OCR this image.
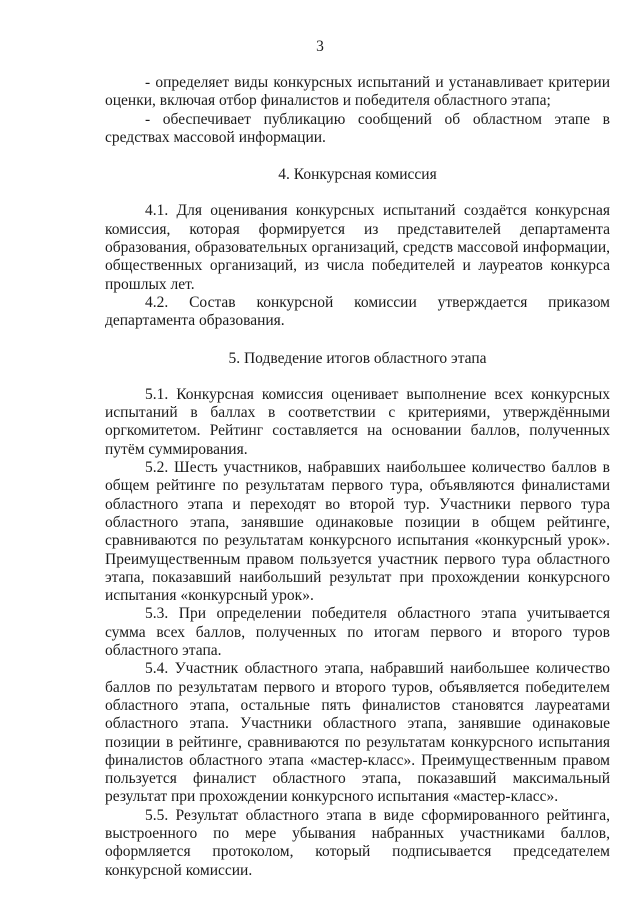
3

- определяет виды конкурсных испытаний и устанавливает критерии оценки, включая отбор финалистов и победителя областного этапа;

- обеспечивает публикацию сообщений об областном этапе в средствах массовой информации.

4. Конкурсная комиссия

4.1. Для оценивания конкурсных испытаний создаётся конкурсная комиссия, которая формируется из представителей департамента образования, образовательных организаций, средств массовой информации, общественных организаций, из числа победителей и лауреатов конкурса прошлых лет.

4.2. Состав конкурсной комиссии утверждается приказом департамента образования.

5. Подведение итогов областного этапа

5.1. Конкурсная комиссия оценивает выполнение всех конкурсных испытаний в баллах в соответствии с критериями, утверждёнными оргкомитетом. Рейтинг составляется на основании баллов, полученных путём суммирования.

5.2. Шесть участников, набравших наибольшее количество баллов в общем рейтинге по результатам первого тура, объявляются финалистами областного этапа и переходят во второй тур. Участники первого тура областного этапа, занявшие одинаковые позиции в общем рейтинге, сравниваются по результатам конкурсного испытания «конкурсный урок». Преимущественным правом пользуется участник первого тура областного этапа, показавший наибольший результат при прохождении конкурсного испытания «конкурсный урок».

5.3. При определении победителя областного этапа учитывается сумма всех баллов, полученных по итогам первого и второго туров областного этапа.

5.4. Участник областного этапа, набравший наибольшее количество баллов по результатам первого и второго туров, объявляется победителем областного этапа, остальные пять финалистов становятся лауреатами областного этапа. Участники областного этапа, занявшие одинаковые позиции в рейтинге, сравниваются по результатам конкурсного испытания финалистов областного этапа «мастер-класс». Преимущественным правом пользуется финалист областного этапа, показавший максимальный результат при прохождении конкурсного испытания «мастер-класс».

5.5. Результат областного этапа в виде сформированного рейтинга, выстроенного по мере убывания набранных участниками баллов, оформляется протоколом, который подписывается председателем конкурсной комиссии.
